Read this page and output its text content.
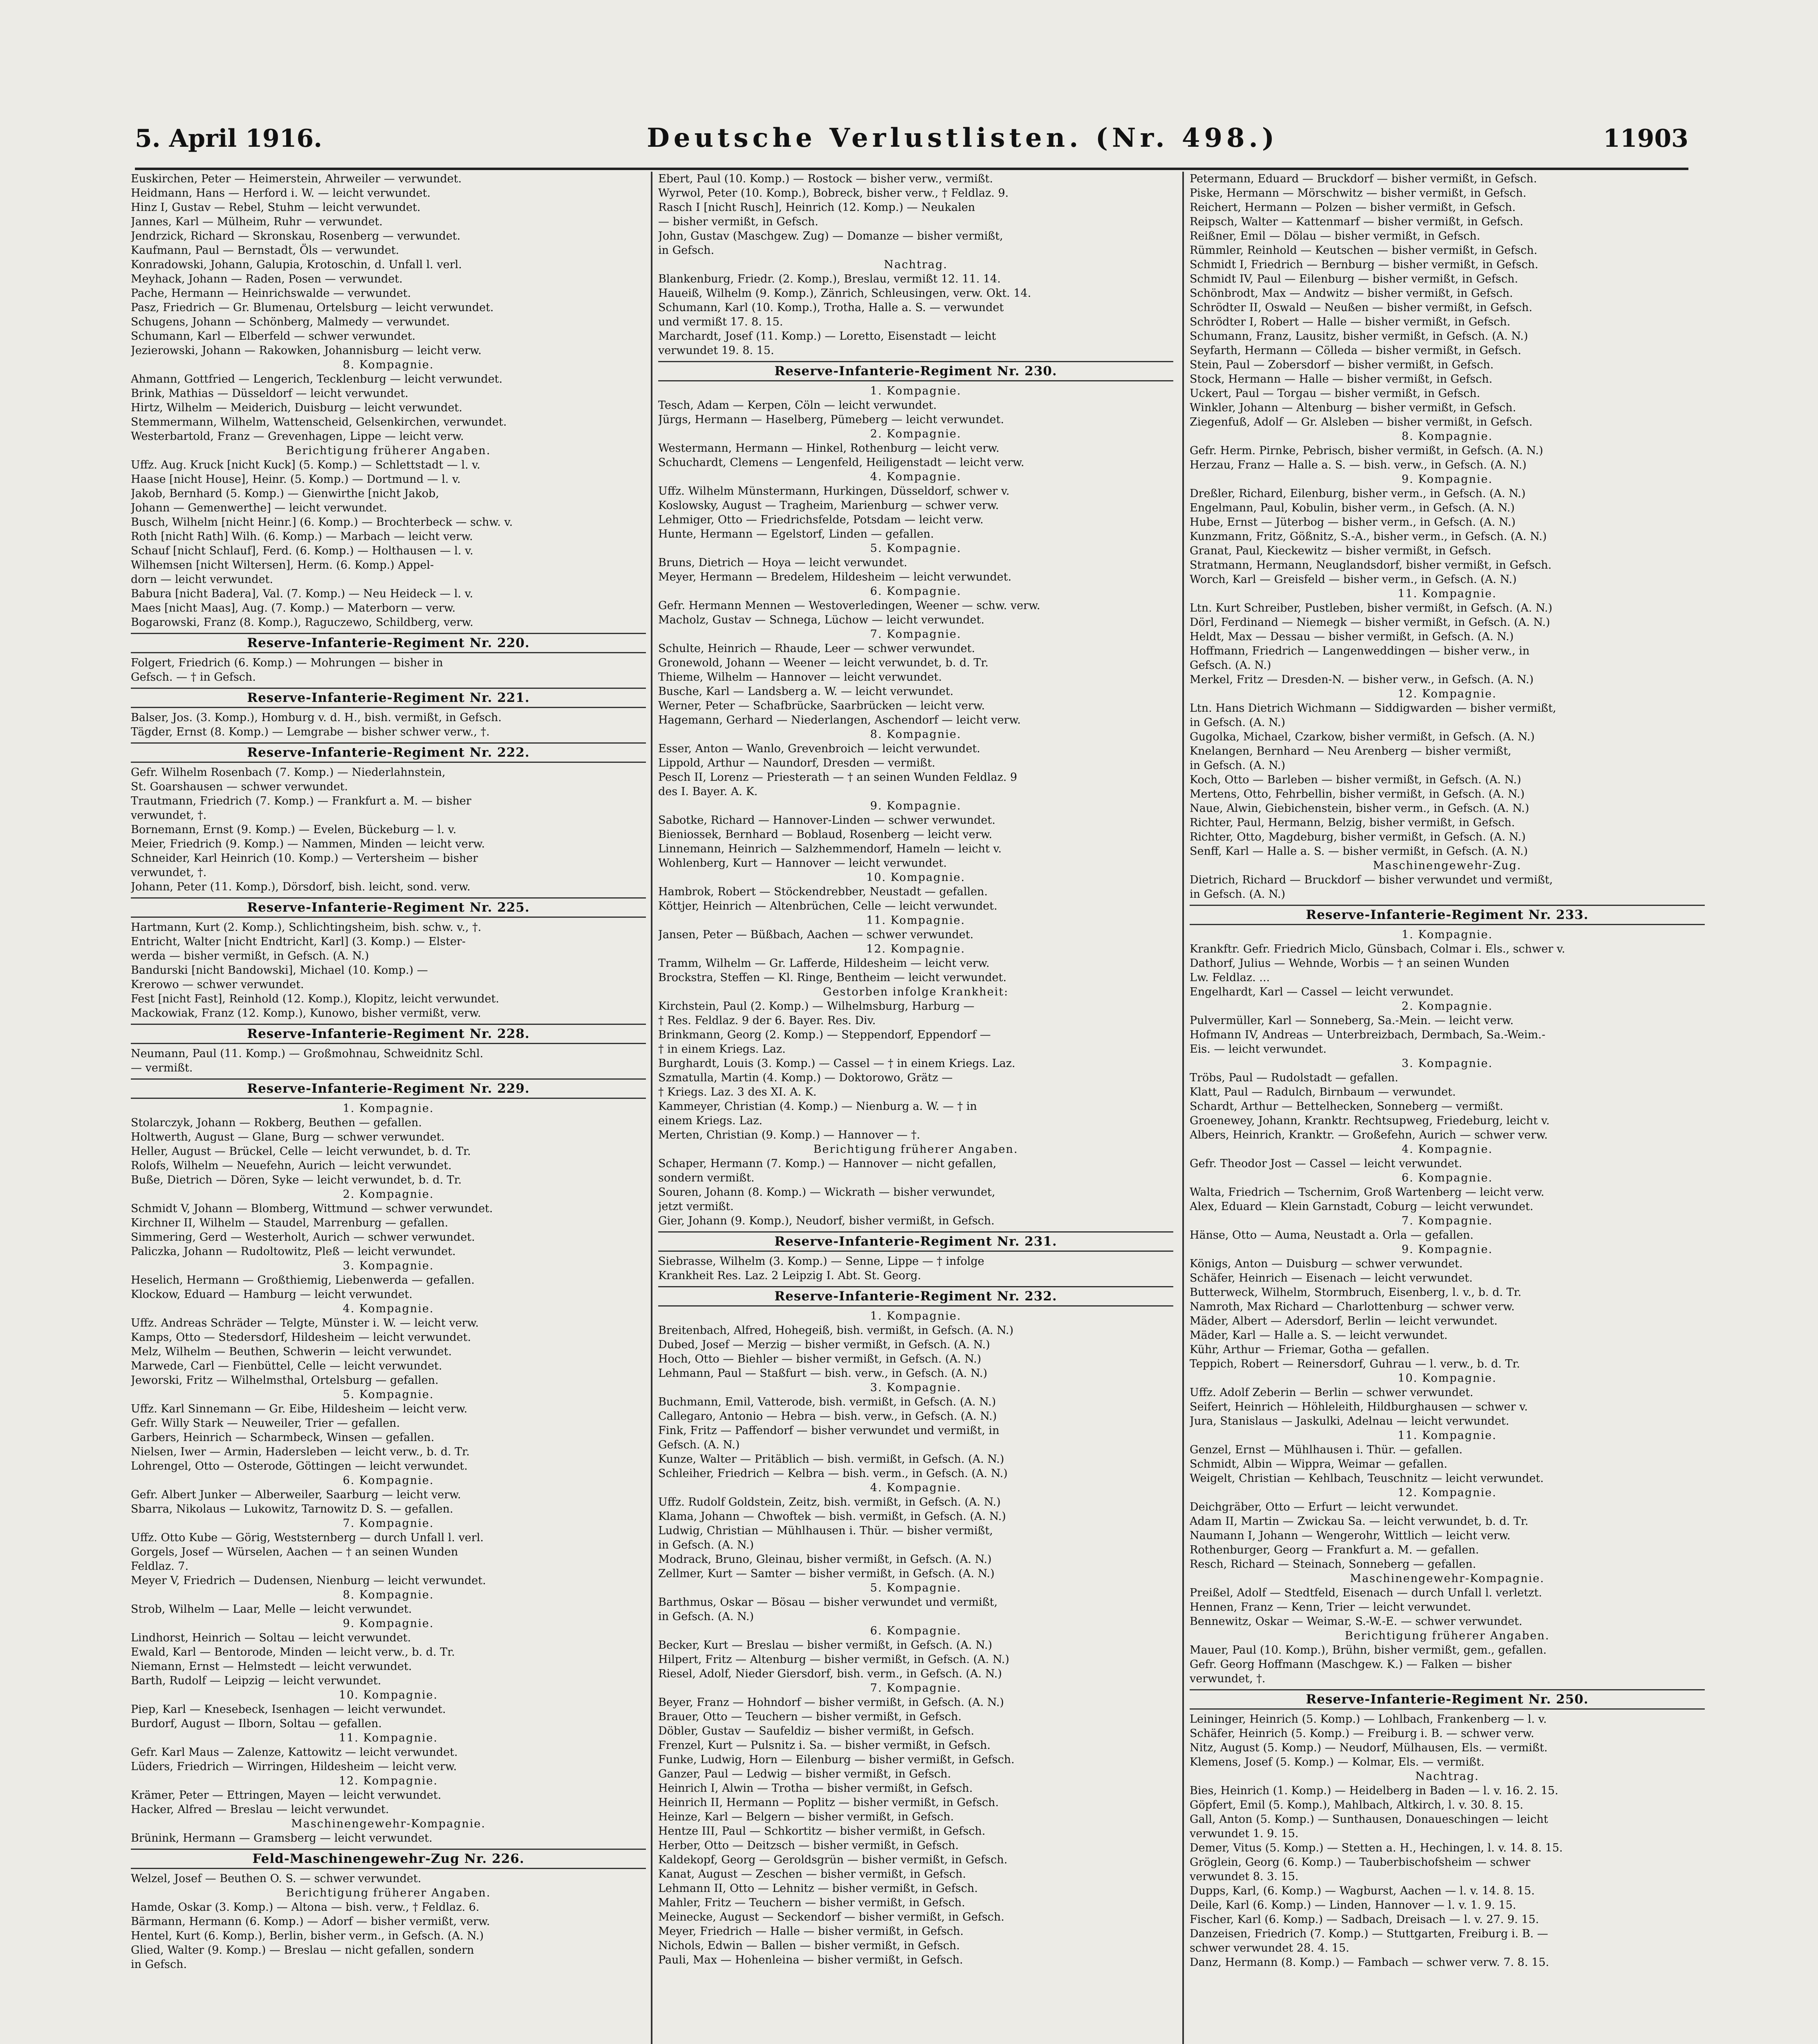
5. April 1916.	Deutsche Verlustlisten. (Nr. 498.)	11903
Euskirchen, Peter — Heimerstein, Ahrweiler — verwundet.
Heidmann, Hans — Herford i. W. — leicht verwundet.
Hinz I, Gustav — Rebel, Stuhm — leicht verwundet.
Jannes, Karl — Mülheim, Ruhr — verwundet.
Jendrzick, Richard — Skronskau, Rosenberg — verwundet.
Kaufmann, Paul — Bernstadt, Öls — verwundet.
Konradowski, Johann, Galupia, Krotoschin, d. Unfall l. verl.
Meyhack, Johann — Raden, Posen — verwundet.
Pache, Hermann — Heinrichswalde — verwundet.
Pasz, Friedrich — Gr. Blumenau, Ortelsburg — leicht verwundet.
Schugens, Johann — Schönberg, Malmedy — verwundet.
Schumann, Karl — Elberfeld — schwer verwundet.
Jezierowski, Johann — Rakowken, Johannisburg — leicht verw.
8. Kompagnie.
Ahmann, Gottfried — Lengerich, Tecklenburg — leicht verwundet.
Brink, Mathias — Düsseldorf — leicht verwundet.
Hirtz, Wilhelm — Meiderich, Duisburg — leicht verwundet.
Stemmermann, Wilhelm, Wattenscheid, Gelsenkirchen, verwundet.
Westerbartold, Franz — Grevenhagen, Lippe — leicht verw.
Berichtigung früherer Angaben.
Uffz. Aug. Kruck [nicht Kuck] (5. Komp.) — Schlettstadt — l. v.
Haase [nicht House], Heinr. (5. Komp.) — Dortmund — l. v.
Jakob, Bernhard (5. Komp.) — Gienwirthe [nicht Jakob,
Johann — Gemenwerthe] — leicht verwundet.
Busch, Wilhelm [nicht Heinr.] (6. Komp.) — Brochterbeck — schw. v.
Roth [nicht Rath] Wilh. (6. Komp.) — Marbach — leicht verw.
Schauf [nicht Schlauf], Ferd. (6. Komp.) — Holthausen — l. v.
Wilhemsen [nicht Wiltersen], Herm. (6. Komp.) Appel-
dorn — leicht verwundet.
Babura [nicht Badera], Val. (7. Komp.) — Neu Heideck — l. v.
Maes [nicht Maas], Aug. (7. Komp.) — Materborn — verw.
Bogarowski, Franz (8. Komp.), Raguczewo, Schildberg, verw.
Reserve-Infanterie-Regiment Nr. 220.
Folgert, Friedrich (6. Komp.) — Mohrungen — bisher in
Gefsch. — † in Gefsch.
Reserve-Infanterie-Regiment Nr. 221.
Balser, Jos. (3. Komp.), Homburg v. d. H., bish. vermißt, in Gefsch.
Tägder, Ernst (8. Komp.) — Lemgrabe — bisher schwer verw., †.
Reserve-Infanterie-Regiment Nr. 222.
Gefr. Wilhelm Rosenbach (7. Komp.) — Niederlahnstein,
St. Goarshausen — schwer verwundet.
Trautmann, Friedrich (7. Komp.) — Frankfurt a. M. — bisher
verwundet, †.
Bornemann, Ernst (9. Komp.) — Evelen, Bückeburg — l. v.
Meier, Friedrich (9. Komp.) — Nammen, Minden — leicht verw.
Schneider, Karl Heinrich (10. Komp.) — Vertersheim — bisher
verwundet, †.
Johann, Peter (11. Komp.), Dörsdorf, bish. leicht, sond. verw.
Reserve-Infanterie-Regiment Nr. 225.
Hartmann, Kurt (2. Komp.), Schlichtingsheim, bish. schw. v., †.
Entricht, Walter [nicht Endtricht, Karl] (3. Komp.) — Elster-
werda — bisher vermißt, in Gefsch. (A. N.)
Bandurski [nicht Bandowski], Michael (10. Komp.) —
Krerowo — schwer verwundet.
Fest [nicht Fast], Reinhold (12. Komp.), Klopitz, leicht verwundet.
Mackowiak, Franz (12. Komp.), Kunowo, bisher vermißt, verw.
Reserve-Infanterie-Regiment Nr. 228.
Neumann, Paul (11. Komp.) — Großmohnau, Schweidnitz Schl.
— vermißt.
Reserve-Infanterie-Regiment Nr. 229.
1. Kompagnie.
Stolarczyk, Johann — Rokberg, Beuthen — gefallen.
Holtwerth, August — Glane, Burg — schwer verwundet.
Heller, August — Brückel, Celle — leicht verwundet, b. d. Tr.
Rolofs, Wilhelm — Neuefehn, Aurich — leicht verwundet.
Buße, Dietrich — Dören, Syke — leicht verwundet, b. d. Tr.
2. Kompagnie.
Schmidt V, Johann — Blomberg, Wittmund — schwer verwundet.
Kirchner II, Wilhelm — Staudel, Marrenburg — gefallen.
Simmering, Gerd — Westerholt, Aurich — schwer verwundet.
Paliczka, Johann — Rudoltowitz, Pleß — leicht verwundet.
3. Kompagnie.
Heselich, Hermann — Großthiemig, Liebenwerda — gefallen.
Klockow, Eduard — Hamburg — leicht verwundet.
4. Kompagnie.
Uffz. Andreas Schräder — Telgte, Münster i. W. — leicht verw.
Kamps, Otto — Stedersdorf, Hildesheim — leicht verwundet.
Melz, Wilhelm — Beuthen, Schwerin — leicht verwundet.
Marwede, Carl — Fienbüttel, Celle — leicht verwundet.
Jeworski, Fritz — Wilhelmsthal, Ortelsburg — gefallen.
5. Kompagnie.
Uffz. Karl Sinnemann — Gr. Eibe, Hildesheim — leicht verw.
Gefr. Willy Stark — Neuweiler, Trier — gefallen.
Garbers, Heinrich — Scharmbeck, Winsen — gefallen.
Nielsen, Iwer — Armin, Hadersleben — leicht verw., b. d. Tr.
Lohrengel, Otto — Osterode, Göttingen — leicht verwundet.
6. Kompagnie.
Gefr. Albert Junker — Alberweiler, Saarburg — leicht verw.
Sbarra, Nikolaus — Lukowitz, Tarnowitz D. S. — gefallen.
7. Kompagnie.
Uffz. Otto Kube — Görig, Weststernberg — durch Unfall l. verl.
Gorgels, Josef — Würselen, Aachen — † an seinen Wunden
Feldlaz. 7.
Meyer V, Friedrich — Dudensen, Nienburg — leicht verwundet.
8. Kompagnie.
Strob, Wilhelm — Laar, Melle — leicht verwundet.
9. Kompagnie.
Lindhorst, Heinrich — Soltau — leicht verwundet.
Ewald, Karl — Bentorode, Minden — leicht verw., b. d. Tr.
Niemann, Ernst — Helmstedt — leicht verwundet.
Barth, Rudolf — Leipzig — leicht verwundet.
10. Kompagnie.
Piep, Karl — Knesebeck, Isenhagen — leicht verwundet.
Burdorf, August — Ilborn, Soltau — gefallen.
11. Kompagnie.
Gefr. Karl Maus — Zalenze, Kattowitz — leicht verwundet.
Lüders, Friedrich — Wirringen, Hildesheim — leicht verw.
12. Kompagnie.
Krämer, Peter — Ettringen, Mayen — leicht verwundet.
Hacker, Alfred — Breslau — leicht verwundet.
Maschinengewehr-Kompagnie.
Brünink, Hermann — Gramsberg — leicht verwundet.
Feld-Maschinengewehr-Zug Nr. 226.
Welzel, Josef — Beuthen O. S. — schwer verwundet.
Berichtigung früherer Angaben.
Hamde, Oskar (3. Komp.) — Altona — bish. verw., † Feldlaz. 6.
Bärmann, Hermann (6. Komp.) — Adorf — bisher vermißt, verw.
Hentel, Kurt (6. Komp.), Berlin, bisher verm., in Gefsch. (A. N.)
Glied, Walter (9. Komp.) — Breslau — nicht gefallen, sondern
in Gefsch.
Ebert, Paul (10. Komp.) — Rostock — bisher verw., vermißt.
Wyrwol, Peter (10. Komp.), Bobreck, bisher verw., † Feldlaz. 9.
Rasch I [nicht Rusch], Heinrich (12. Komp.) — Neukalen
— bisher vermißt, in Gefsch.
John, Gustav (Maschgew. Zug) — Domanze — bisher vermißt,
in Gefsch.
Nachtrag.
Blankenburg, Friedr. (2. Komp.), Breslau, vermißt 12. 11. 14.
Haueiß, Wilhelm (9. Komp.), Zänrich, Schleusingen, verw. Okt. 14.
Schumann, Karl (10. Komp.), Trotha, Halle a. S. — verwundet
und vermißt 17. 8. 15.
Marchardt, Josef (11. Komp.) — Loretto, Eisenstadt — leicht
verwundet 19. 8. 15.
Reserve-Infanterie-Regiment Nr. 230.
1. Kompagnie.
Tesch, Adam — Kerpen, Cöln — leicht verwundet.
Jürgs, Hermann — Haselberg, Pümeberg — leicht verwundet.
2. Kompagnie.
Westermann, Hermann — Hinkel, Rothenburg — leicht verw.
Schuchardt, Clemens — Lengenfeld, Heiligenstadt — leicht verw.
4. Kompagnie.
Uffz. Wilhelm Münstermann, Hurkingen, Düsseldorf, schwer v.
Koslowsky, August — Tragheim, Marienburg — schwer verw.
Lehmiger, Otto — Friedrichsfelde, Potsdam — leicht verw.
Hunte, Hermann — Egelstorf, Linden — gefallen.
5. Kompagnie.
Bruns, Dietrich — Hoya — leicht verwundet.
Meyer, Hermann — Bredelem, Hildesheim — leicht verwundet.
6. Kompagnie.
Gefr. Hermann Mennen — Westoverledingen, Weener — schw. verw.
Macholz, Gustav — Schnega, Lüchow — leicht verwundet.
7. Kompagnie.
Schulte, Heinrich — Rhaude, Leer — schwer verwundet.
Gronewold, Johann — Weener — leicht verwundet, b. d. Tr.
Thieme, Wilhelm — Hannover — leicht verwundet.
Busche, Karl — Landsberg a. W. — leicht verwundet.
Werner, Peter — Schafbrücke, Saarbrücken — leicht verw.
Hagemann, Gerhard — Niederlangen, Aschendorf — leicht verw.
8. Kompagnie.
Esser, Anton — Wanlo, Grevenbroich — leicht verwundet.
Lippold, Arthur — Naundorf, Dresden — vermißt.
Pesch II, Lorenz — Priesterath — † an seinen Wunden Feldlaz. 9
des I. Bayer. A. K.
9. Kompagnie.
Sabotke, Richard — Hannover-Linden — schwer verwundet.
Bieniossek, Bernhard — Boblaud, Rosenberg — leicht verw.
Linnemann, Heinrich — Salzhemmendorf, Hameln — leicht v.
Wohlenberg, Kurt — Hannover — leicht verwundet.
10. Kompagnie.
Hambrok, Robert — Stöckendrebber, Neustadt — gefallen.
Köttjer, Heinrich — Altenbrüchen, Celle — leicht verwundet.
11. Kompagnie.
Jansen, Peter — Büßbach, Aachen — schwer verwundet.
12. Kompagnie.
Tramm, Wilhelm — Gr. Lafferde, Hildesheim — leicht verw.
Brockstra, Steffen — Kl. Ringe, Bentheim — leicht verwundet.
Gestorben infolge Krankheit:
Kirchstein, Paul (2. Komp.) — Wilhelmsburg, Harburg —
† Res. Feldlaz. 9 der 6. Bayer. Res. Div.
Brinkmann, Georg (2. Komp.) — Steppendorf, Eppendorf —
† in einem Kriegs. Laz.
Burghardt, Louis (3. Komp.) — Cassel — † in einem Kriegs. Laz.
Szmatulla, Martin (4. Komp.) — Doktorowo, Grätz —
† Kriegs. Laz. 3 des XI. A. K.
Kammeyer, Christian (4. Komp.) — Nienburg a. W. — † in
einem Kriegs. Laz.
Merten, Christian (9. Komp.) — Hannover — †.
Berichtigung früherer Angaben.
Schaper, Hermann (7. Komp.) — Hannover — nicht gefallen,
sondern vermißt.
Souren, Johann (8. Komp.) — Wickrath — bisher verwundet,
jetzt vermißt.
Gier, Johann (9. Komp.), Neudorf, bisher vermißt, in Gefsch.
Reserve-Infanterie-Regiment Nr. 231.
Siebrasse, Wilhelm (3. Komp.) — Senne, Lippe — † infolge
Krankheit Res. Laz. 2 Leipzig I. Abt. St. Georg.
Reserve-Infanterie-Regiment Nr. 232.
1. Kompagnie.
Breitenbach, Alfred, Hohegeiß, bish. vermißt, in Gefsch. (A. N.)
Dubed, Josef — Merzig — bisher vermißt, in Gefsch. (A. N.)
Hoch, Otto — Biehler — bisher vermißt, in Gefsch. (A. N.)
Lehmann, Paul — Staßfurt — bish. verw., in Gefsch. (A. N.)
3. Kompagnie.
Buchmann, Emil, Vatterode, bish. vermißt, in Gefsch. (A. N.)
Callegaro, Antonio — Hebra — bish. verw., in Gefsch. (A. N.)
Fink, Fritz — Paffendorf — bisher verwundet und vermißt, in
Gefsch. (A. N.)
Kunze, Walter — Pritäblich — bish. vermißt, in Gefsch. (A. N.)
Schleiher, Friedrich — Kelbra — bish. verm., in Gefsch. (A. N.)
4. Kompagnie.
Uffz. Rudolf Goldstein, Zeitz, bish. vermißt, in Gefsch. (A. N.)
Klama, Johann — Chwoftek — bish. vermißt, in Gefsch. (A. N.)
Ludwig, Christian — Mühlhausen i. Thür. — bisher vermißt,
in Gefsch. (A. N.)
Modrack, Bruno, Gleinau, bisher vermißt, in Gefsch. (A. N.)
Zellmer, Kurt — Samter — bisher vermißt, in Gefsch. (A. N.)
5. Kompagnie.
Barthmus, Oskar — Bösau — bisher verwundet und vermißt,
in Gefsch. (A. N.)
6. Kompagnie.
Becker, Kurt — Breslau — bisher vermißt, in Gefsch. (A. N.)
Hilpert, Fritz — Altenburg — bisher vermißt, in Gefsch. (A. N.)
Riesel, Adolf, Nieder Giersdorf, bish. verm., in Gefsch. (A. N.)
7. Kompagnie.
Beyer, Franz — Hohndorf — bisher vermißt, in Gefsch. (A. N.)
Brauer, Otto — Teuchern — bisher vermißt, in Gefsch.
Döbler, Gustav — Saufeldiz — bisher vermißt, in Gefsch.
Frenzel, Kurt — Pulsnitz i. Sa. — bisher vermißt, in Gefsch.
Funke, Ludwig, Horn — Eilenburg — bisher vermißt, in Gefsch.
Ganzer, Paul — Ledwig — bisher vermißt, in Gefsch.
Heinrich I, Alwin — Trotha — bisher vermißt, in Gefsch.
Heinrich II, Hermann — Poplitz — bisher vermißt, in Gefsch.
Heinze, Karl — Belgern — bisher vermißt, in Gefsch.
Hentze III, Paul — Schkortitz — bisher vermißt, in Gefsch.
Herber, Otto — Deitzsch — bisher vermißt, in Gefsch.
Kaldekopf, Georg — Geroldsgrün — bisher vermißt, in Gefsch.
Kanat, August — Zeschen — bisher vermißt, in Gefsch.
Lehmann II, Otto — Lehnitz — bisher vermißt, in Gefsch.
Mahler, Fritz — Teuchern — bisher vermißt, in Gefsch.
Meinecke, August — Seckendorf — bisher vermißt, in Gefsch.
Meyer, Friedrich — Halle — bisher vermißt, in Gefsch.
Nichols, Edwin — Ballen — bisher vermißt, in Gefsch.
Pauli, Max — Hohenleina — bisher vermißt, in Gefsch.
Petermann, Eduard — Bruckdorf — bisher vermißt, in Gefsch.
Piske, Hermann — Mörschwitz — bisher vermißt, in Gefsch.
Reichert, Hermann — Polzen — bisher vermißt, in Gefsch.
Reipsch, Walter — Kattenmarf — bisher vermißt, in Gefsch.
Reißner, Emil — Dölau — bisher vermißt, in Gefsch.
Rümmler, Reinhold — Keutschen — bisher vermißt, in Gefsch.
Schmidt I, Friedrich — Bernburg — bisher vermißt, in Gefsch.
Schmidt IV, Paul — Eilenburg — bisher vermißt, in Gefsch.
Schönbrodt, Max — Andwitz — bisher vermißt, in Gefsch.
Schrödter II, Oswald — Neußen — bisher vermißt, in Gefsch.
Schrödter I, Robert — Halle — bisher vermißt, in Gefsch.
Schumann, Franz, Lausitz, bisher vermißt, in Gefsch. (A. N.)
Seyfarth, Hermann — Cölleda — bisher vermißt, in Gefsch.
Stein, Paul — Zobersdorf — bisher vermißt, in Gefsch.
Stock, Hermann — Halle — bisher vermißt, in Gefsch.
Uckert, Paul — Torgau — bisher vermißt, in Gefsch.
Winkler, Johann — Altenburg — bisher vermißt, in Gefsch.
Ziegenfuß, Adolf — Gr. Alsleben — bisher vermißt, in Gefsch.
8. Kompagnie.
Gefr. Herm. Pirnke, Pebrisch, bisher vermißt, in Gefsch. (A. N.)
Herzau, Franz — Halle a. S. — bish. verw., in Gefsch. (A. N.)
9. Kompagnie.
Dreßler, Richard, Eilenburg, bisher verm., in Gefsch. (A. N.)
Engelmann, Paul, Kobulin, bisher verm., in Gefsch. (A. N.)
Hube, Ernst — Jüterbog — bisher verm., in Gefsch. (A. N.)
Kunzmann, Fritz, Gößnitz, S.-A., bisher verm., in Gefsch. (A. N.)
Granat, Paul, Kieckewitz — bisher vermißt, in Gefsch.
Stratmann, Hermann, Neuglandsdorf, bisher vermißt, in Gefsch.
Worch, Karl — Greisfeld — bisher verm., in Gefsch. (A. N.)
11. Kompagnie.
Ltn. Kurt Schreiber, Pustleben, bisher vermißt, in Gefsch. (A. N.)
Dörl, Ferdinand — Niemegk — bisher vermißt, in Gefsch. (A. N.)
Heldt, Max — Dessau — bisher vermißt, in Gefsch. (A. N.)
Hoffmann, Friedrich — Langenweddingen — bisher verw., in
Gefsch. (A. N.)
Merkel, Fritz — Dresden-N. — bisher verw., in Gefsch. (A. N.)
12. Kompagnie.
Ltn. Hans Dietrich Wichmann — Siddigwarden — bisher vermißt,
in Gefsch. (A. N.)
Gugolka, Michael, Czarkow, bisher vermißt, in Gefsch. (A. N.)
Knelangen, Bernhard — Neu Arenberg — bisher vermißt,
in Gefsch. (A. N.)
Koch, Otto — Barleben — bisher vermißt, in Gefsch. (A. N.)
Mertens, Otto, Fehrbellin, bisher vermißt, in Gefsch. (A. N.)
Naue, Alwin, Giebichenstein, bisher verm., in Gefsch. (A. N.)
Richter, Paul, Hermann, Belzig, bisher vermißt, in Gefsch.
Richter, Otto, Magdeburg, bisher vermißt, in Gefsch. (A. N.)
Senff, Karl — Halle a. S. — bisher vermißt, in Gefsch. (A. N.)
Maschinengewehr-Zug.
Dietrich, Richard — Bruckdorf — bisher verwundet und vermißt,
in Gefsch. (A. N.)
Reserve-Infanterie-Regiment Nr. 233.
1. Kompagnie.
Krankftr. Gefr. Friedrich Miclo, Günsbach, Colmar i. Els., schwer v.
Dathorf, Julius — Wehnde, Worbis — † an seinen Wunden
Lw. Feldlaz. ...
Engelhardt, Karl — Cassel — leicht verwundet.
2. Kompagnie.
Pulvermüller, Karl — Sonneberg, Sa.-Mein. — leicht verw.
Hofmann IV, Andreas — Unterbreizbach, Dermbach, Sa.-Weim.-
Eis. — leicht verwundet.
3. Kompagnie.
Tröbs, Paul — Rudolstadt — gefallen.
Klatt, Paul — Radulch, Birnbaum — verwundet.
Schardt, Arthur — Bettelhecken, Sonneberg — vermißt.
Groenewey, Johann, Kranktr. Rechtsupweg, Friedeburg, leicht v.
Albers, Heinrich, Kranktr. — Großefehn, Aurich — schwer verw.
4. Kompagnie.
Gefr. Theodor Jost — Cassel — leicht verwundet.
6. Kompagnie.
Walta, Friedrich — Tschernim, Groß Wartenberg — leicht verw.
Alex, Eduard — Klein Garnstadt, Coburg — leicht verwundet.
7. Kompagnie.
Hänse, Otto — Auma, Neustadt a. Orla — gefallen.
9. Kompagnie.
Königs, Anton — Duisburg — schwer verwundet.
Schäfer, Heinrich — Eisenach — leicht verwundet.
Butterweck, Wilhelm, Stormbruch, Eisenberg, l. v., b. d. Tr.
Namroth, Max Richard — Charlottenburg — schwer verw.
Mäder, Albert — Adersdorf, Berlin — leicht verwundet.
Mäder, Karl — Halle a. S. — leicht verwundet.
Kühr, Arthur — Friemar, Gotha — gefallen.
Teppich, Robert — Reinersdorf, Guhrau — l. verw., b. d. Tr.
10. Kompagnie.
Uffz. Adolf Zeberin — Berlin — schwer verwundet.
Seifert, Heinrich — Höhleleith, Hildburghausen — schwer v.
Jura, Stanislaus — Jaskulki, Adelnau — leicht verwundet.
11. Kompagnie.
Genzel, Ernst — Mühlhausen i. Thür. — gefallen.
Schmidt, Albin — Wippra, Weimar — gefallen.
Weigelt, Christian — Kehlbach, Teuschnitz — leicht verwundet.
12. Kompagnie.
Deichgräber, Otto — Erfurt — leicht verwundet.
Adam II, Martin — Zwickau Sa. — leicht verwundet, b. d. Tr.
Naumann I, Johann — Wengerohr, Wittlich — leicht verw.
Rothenburger, Georg — Frankfurt a. M. — gefallen.
Resch, Richard — Steinach, Sonneberg — gefallen.
Maschinengewehr-Kompagnie.
Preißel, Adolf — Stedtfeld, Eisenach — durch Unfall l. verletzt.
Hennen, Franz — Kenn, Trier — leicht verwundet.
Bennewitz, Oskar — Weimar, S.-W.-E. — schwer verwundet.
Berichtigung früherer Angaben.
Mauer, Paul (10. Komp.), Brühn, bisher vermißt, gem., gefallen.
Gefr. Georg Hoffmann (Maschgew. K.) — Falken — bisher
verwundet, †.
Reserve-Infanterie-Regiment Nr. 250.
Leininger, Heinrich (5. Komp.) — Lohlbach, Frankenberg — l. v.
Schäfer, Heinrich (5. Komp.) — Freiburg i. B. — schwer verw.
Nitz, August (5. Komp.) — Neudorf, Mülhausen, Els. — vermißt.
Klemens, Josef (5. Komp.) — Kolmar, Els. — vermißt.
Nachtrag.
Bies, Heinrich (1. Komp.) — Heidelberg in Baden — l. v. 16. 2. 15.
Göpfert, Emil (5. Komp.), Mahlbach, Altkirch, l. v. 30. 8. 15.
Gall, Anton (5. Komp.) — Sunthausen, Donaueschingen — leicht
verwundet 1. 9. 15.
Demer, Vitus (5. Komp.) — Stetten a. H., Hechingen, l. v. 14. 8. 15.
Gröglein, Georg (6. Komp.) — Tauberbischofsheim — schwer
verwundet 8. 3. 15.
Dupps, Karl, (6. Komp.) — Wagburst, Aachen — l. v. 14. 8. 15.
Deile, Karl (6. Komp.) — Linden, Hannover — l. v. 1. 9. 15.
Fischer, Karl (6. Komp.) — Sadbach, Dreisach — l. v. 27. 9. 15.
Danzeisen, Friedrich (7. Komp.) — Stuttgarten, Freiburg i. B. —
schwer verwundet 28. 4. 15.
Danz, Hermann (8. Komp.) — Fambach — schwer verw. 7. 8. 15.
